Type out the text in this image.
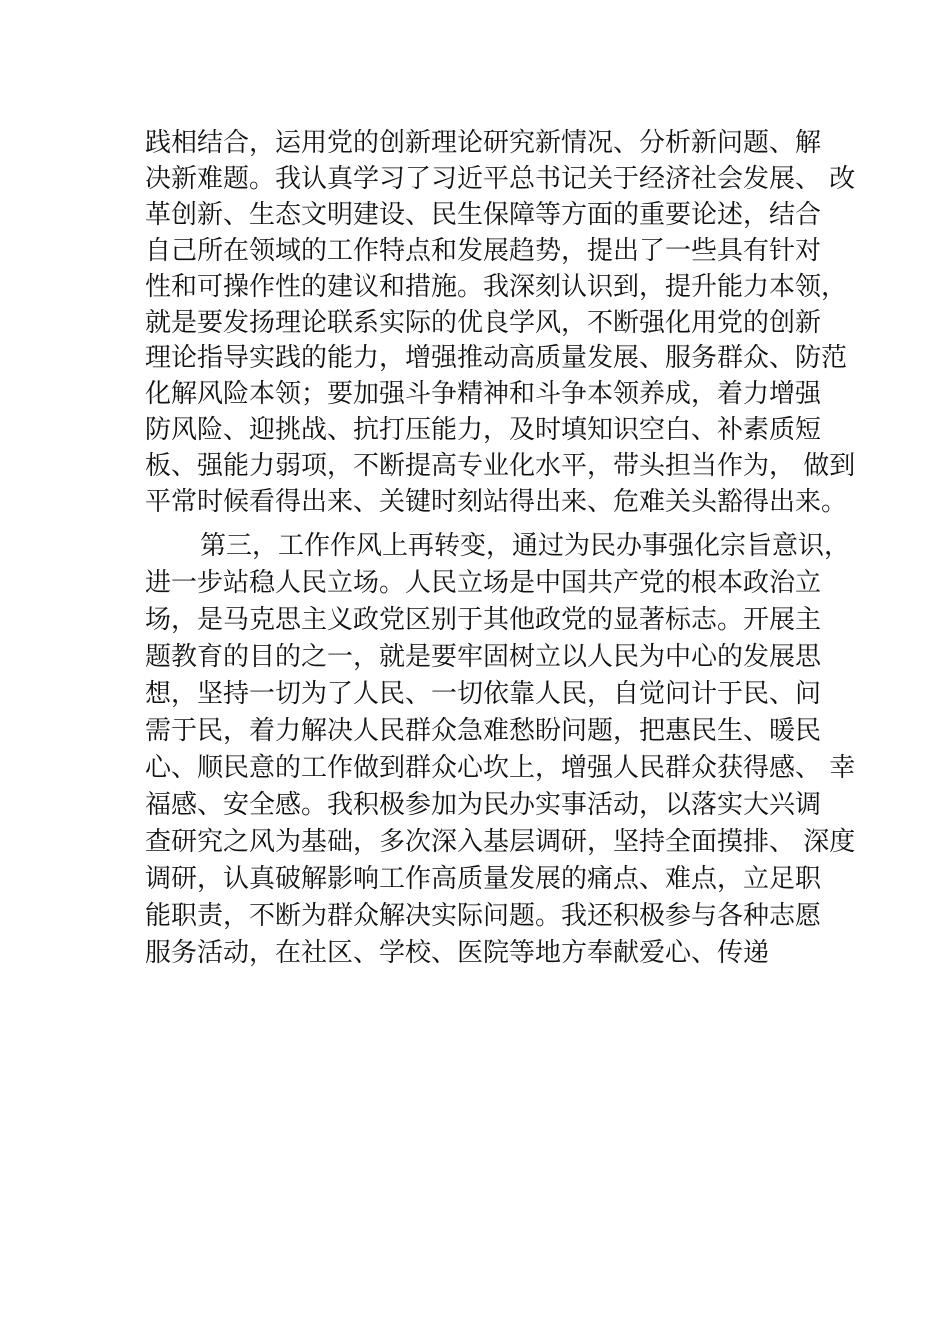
践相结合，运用党的创新理论研究新情况、分析新问题、解
决新难题。我认真学习了习近平总书记关于经济社会发展、 改
革创新、生态文明建设、民生保障等方面的重要论述，结合
自己所在领域的工作特点和发展趋势，提出了一些具有针对
性和可操作性的建议和措施。我深刻认识到，提升能力本领，
就是要发扬理论联系实际的优良学风，不断强化用党的创新
理论指导实践的能力，增强推动高质量发展、服务群众、防范
化解风险本领；要加强斗争精神和斗争本领养成，着力增强
防风险、迎挑战、抗打压能力，及时填知识空白、补素质短
板、强能力弱项，不断提高专业化水平，带头担当作为， 做到
平常时候看得出来、关键时刻站得出来、危难关头豁得出来。
第三，工作作风上再转变，通过为民办事强化宗旨意识，
进一步站稳人民立场。人民立场是中国共产党的根本政治立
场，是马克思主义政党区别于其他政党的显著标志。开展主
题教育的目的之一，就是要牢固树立以人民为中心的发展思
想，坚持一切为了人民、一切依靠人民，自觉问计于民、问
需于民，着力解决人民群众急难愁盼问题，把惠民生、暖民
心、顺民意的工作做到群众心坎上，增强人民群众获得感、 幸
福感、安全感。我积极参加为民办实事活动，以落实大兴调
查研究之风为基础，多次深入基层调研，坚持全面摸排、 深度
调研，认真破解影响工作高质量发展的痛点、难点，立足职
能职责，不断为群众解决实际问题。我还积极参与各种志愿
服务活动，在社区、学校、医院等地方奉献爱心、传递
